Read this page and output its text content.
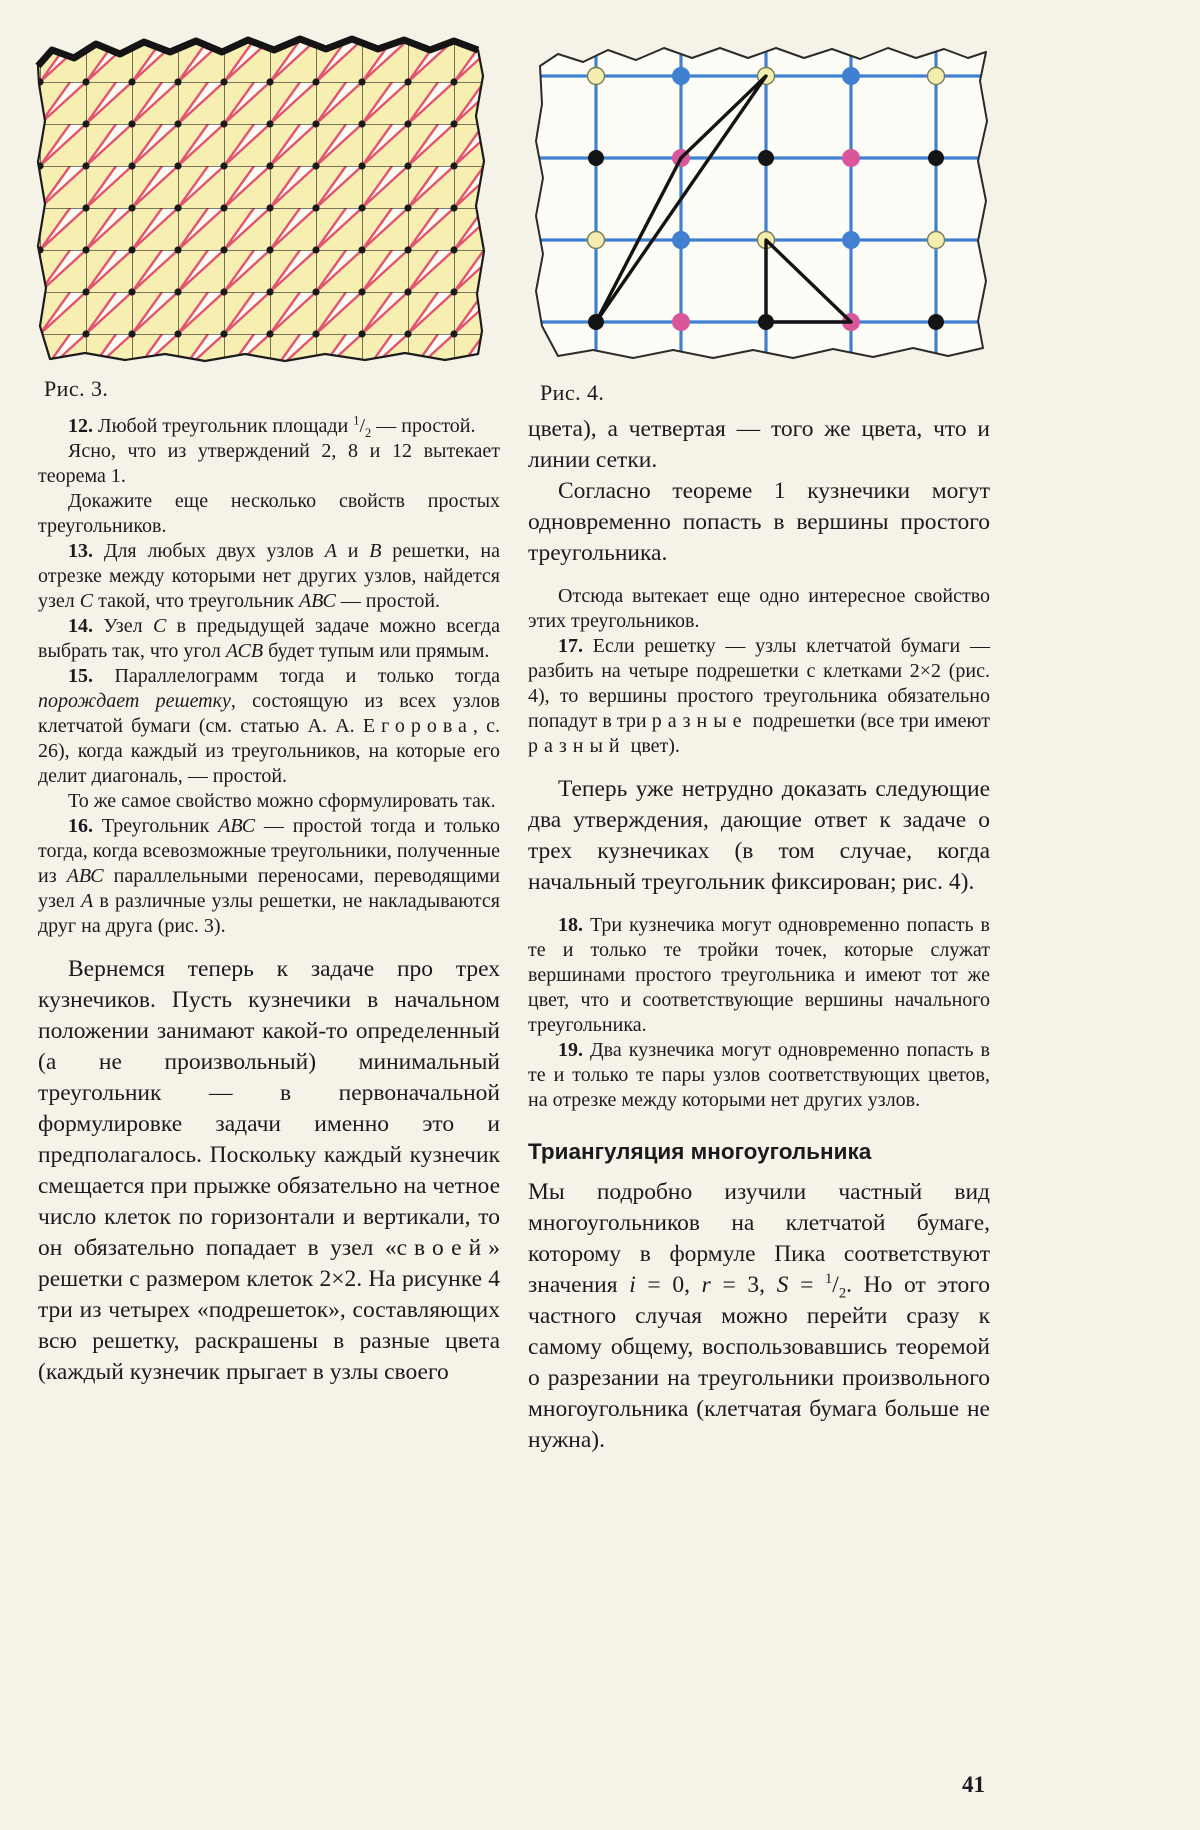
Рис. 3.	Рис. 4.

12. Любой треугольник площади $^1/_2$ — простой.

Ясно, что из утверждений 2, 8 и 12 вытекает теорема 1.

Докажите еще несколько свойств простых треугольников.

13. Для любых двух узлов А и В решетки, на отрезке между которыми нет других узлов, найдется узел С такой, что треугольник АВС — простой.

14. Узел С в предыдущей задаче можно всегда выбрать так, что угол АСВ будет тупым или прямым.

15. Параллелограмм тогда и только тогда порождает решетку, состоящую из всех узлов клетчатой бумаги (см. статью А. А. Егорова, с. 26), когда каждый из треугольников, на которые его делит диагональ, — простой.

То же самое свойство можно сформулировать так.

16. Треугольник АВС — простой тогда и только тогда, когда всевозможные треугольники, полученные из АВС параллельными переносами, переводящими узел А в различные узлы решетки, не накладываются друг на друга (рис. 3).

Вернемся теперь к задаче про трех кузнечиков. Пусть кузнечики в начальном положении занимают какой-то определенный (а не произвольный) минимальный треугольник — в первоначальной формулировке задачи именно это и предполагалось. Поскольку каждый кузнечик смещается при прыжке обязательно на четное число клеток по горизонтали и вертикали, то он обязательно попадает в узел «своей» решетки с размером клеток 2×2. На рисунке 4 три из четырех «подрешеток», составляющих всю решетку, раскрашены в разные цвета (каждый кузнечик прыгает в узлы своего

цвета), а четвертая — того же цвета, что и линии сетки.

Согласно теореме 1 кузнечики могут одновременно попасть в вершины простого треугольника.

Отсюда вытекает еще одно интересное свойство этих треугольников.

17. Если решетку — узлы клетчатой бумаги — разбить на четыре подрешетки с клетками 2×2 (рис. 4), то вершины простого треугольника обязательно попадут в три разные подрешетки (все три имеют разный цвет).

Теперь уже нетрудно доказать следующие два утверждения, дающие ответ к задаче о трех кузнечиках (в том случае, когда начальный треугольник фиксирован; рис. 4).

18. Три кузнечика могут одновременно попасть в те и только те тройки точек, которые служат вершинами простого треугольника и имеют тот же цвет, что и соответствующие вершины начального треугольника.

19. Два кузнечика могут одновременно попасть в те и только те пары узлов соответствующих цветов, на отрезке между которыми нет других узлов.

Триангуляция многоугольника

Мы подробно изучили частный вид многоугольников на клетчатой бумаге, которому в формуле Пика соответствуют значения i = 0, r = 3, $S = ^1/_2$. Но от этого частного случая можно перейти сразу к самому общему, воспользовавшись теоремой о разрезании на треугольники произвольного многоугольника (клетчатая бумага больше не нужна).

41
